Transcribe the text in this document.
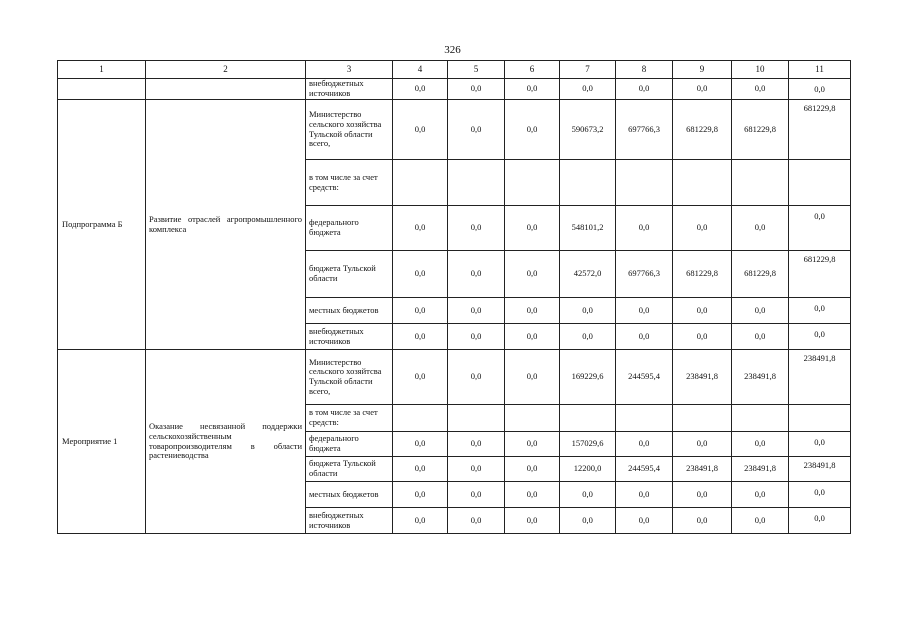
326
1	2	3	4	5	6	7	8	9	10	11
		внебюджетных источников	0,0	0,0	0,0	0,0	0,0	0,0	0,0	0,0
Подпрограмма Б	Развитие отраслей агропромышленного комплекса	Министерство сельского хозяйства Тульской области всего,	0,0	0,0	0,0	590673,2	697766,3	681229,8	681229,8	681229,8
		в том числе за счет средств:								
		федерального бюджета	0,0	0,0	0,0	548101,2	0,0	0,0	0,0	0,0
		бюджета Тульской области	0,0	0,0	0,0	42572,0	697766,3	681229,8	681229,8	681229,8
		местных бюджетов	0,0	0,0	0,0	0,0	0,0	0,0	0,0	0,0
		внебюджетных источников	0,0	0,0	0,0	0,0	0,0	0,0	0,0	0,0
Мероприятие 1	Оказание несвязанной поддержки сельскохозяйственным товаропроизводителям в области растениеводства	Министерство сельского хозяйтсва Тульской области всего,	0,0	0,0	0,0	169229,6	244595,4	238491,8	238491,8	238491,8
		в том числе за счет средств:								
		федерального бюджета	0,0	0,0	0,0	157029,6	0,0	0,0	0,0	0,0
		бюджета Тульской области	0,0	0,0	0,0	12200,0	244595,4	238491,8	238491,8	238491,8
		местных бюджетов	0,0	0,0	0,0	0,0	0,0	0,0	0,0	0,0
		внебюджетных источников	0,0	0,0	0,0	0,0	0,0	0,0	0,0	0,0
